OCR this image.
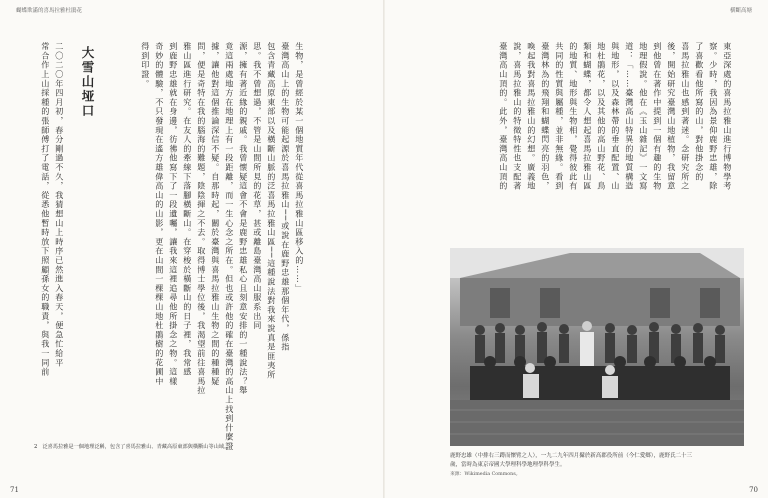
蝴蝶欺滿的喜馬拉雅杜鵑花
生物，是曾經於某一個地質年代從喜馬拉雅山區移入的……」
臺灣高山上的生物可能起源於喜馬拉雅山──或說在鹿野忠雄那個年代，係指
包含青藏高原東部以及橫斷山脈的泛喜馬拉雅山區──這種說法對我來說真是匪夷所
思。我不曾想過，不管是山間所見的花草，甚或離島臺灣高山服系出同
源，擁有著近緣的親戚。我曾懷疑這會不會是鹿野忠雄私心且刻意安排的一種說法？舉
竟這兩處地方在地理上有一段距離，而一生心念之所在。但也或許他的確在臺灣的高山上找到什麼證
據，讓他對這個推論深信不疑。自那時起，關於臺灣與喜馬拉雅山生物之間的種種疑
問，便是奇特在我的腦海的難題，陰陰揮之不去。取得博士學位後，我渴望前往喜馬拉
雅山區進行研究。在友人的牽線下落腳橫斷山。在穿梭於橫斷山的日子裡，我常感
到鹿野忠雄就在身邊，彷彿他寫下了一段遺囑，讓我來這裡追尋他所掛念之物。這樣
奇妙的體驗，不只發現在遙方雄偉高山的山影，更在山間一棵棵山地杜鵑樹的花圃中
得到印證。
大雪山垭口
二〇二〇年四月初，春分剛過不久，我猜想山上時序已然進入春天，便急忙給平
常合作上山採種的張師傅打了電話，從悉他暫時放下照顧孫女的職責，與我一同前
2　泛喜馬拉雅是一個地理泛稱，包含了喜馬拉雅山、青藏高原東部與橫斷山等山域。
71
横斷高塘
東亞深處的喜馬拉雅山進行博物學考
察。少時，我因為景仰鹿野忠雄，除
了喜歡看他所寫的山，對他掛念的
喜馬拉雅山也感到著迷。念研究所之
後，開始研究臺灣山地植物，我留意
到他曾在著作中提到一個有趣的生物
地理假說。他在《玉山雜記》一文寫
道：「……臺灣高山特異的地質構造
與地形，以及森林帶的垂直配置、山
地杜鵑花，以及其他的高山野花、鳥
類和蝴蝶，都令人想起喜馬拉雅山區
的地質、地形與生物相，覺得彼此有
共同的性質與屬種，並非無緣。看到
臺灣林為的飛翔和蝴蝶閃亮的羽色，
喚起我對喜馬拉雅山的幻想。廣義地
說，喜馬拉雅山的特徵特性也支配著
臺灣高山頂的。此外，臺灣高山頂的
70
鹿野忠雄（中排右三蹲而懷臂之人），一九二九年四月攝於新高郡役所前（今仁愛鄉），鹿野氏二十三
歲，當時為東京帝國大學理科學地理學科學生。
來源：Wikimedia Commons。
